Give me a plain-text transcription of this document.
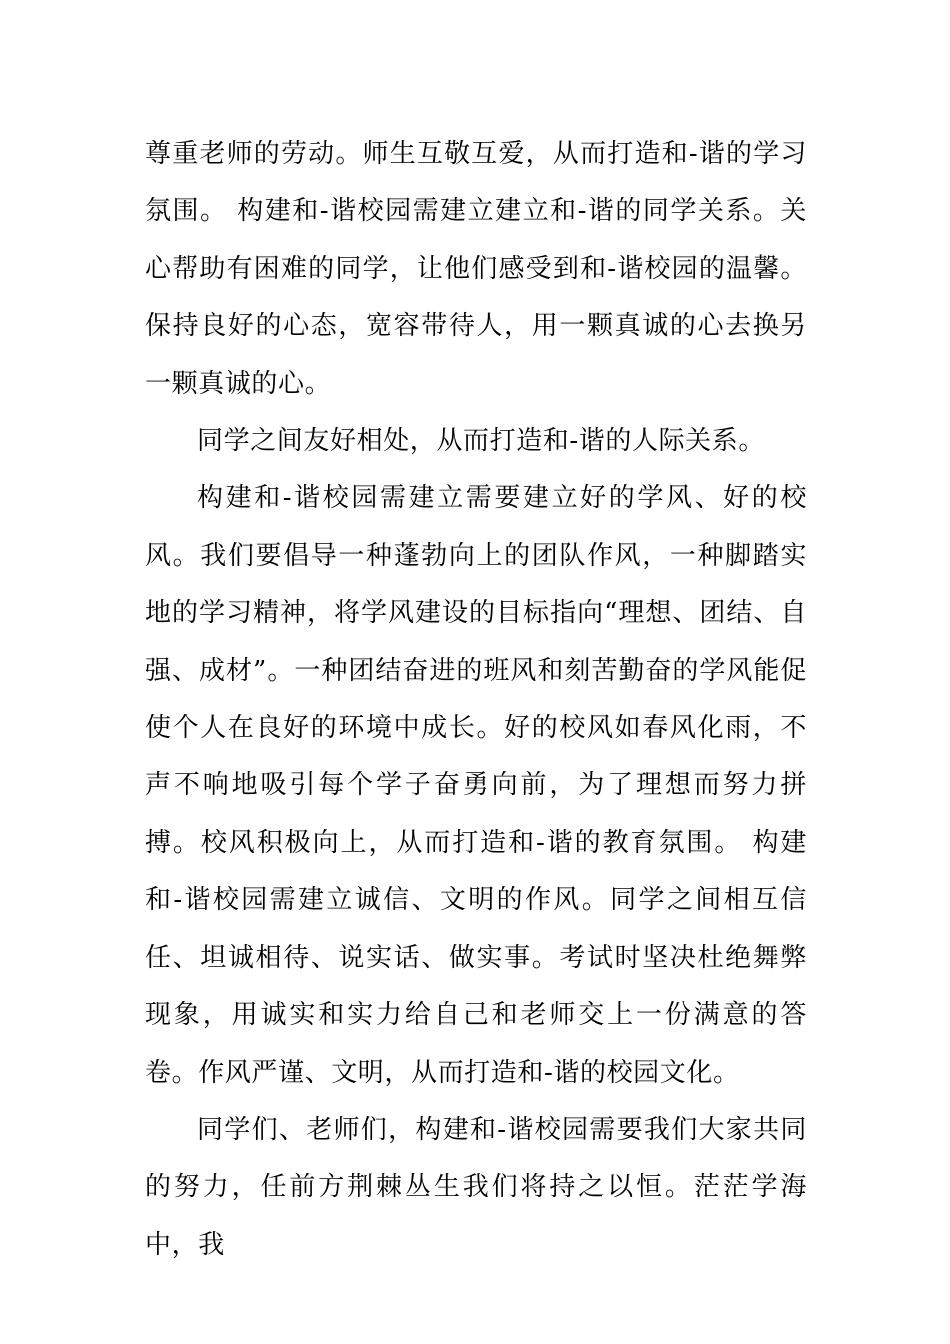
尊重老师的劳动。师生互敬互爱，从而打造和-谐的学习氛围。 构建和-谐校园需建立建立和-谐的同学关系。关心帮助有困难的同学，让他们感受到和-谐校园的温馨。保持良好的心态，宽容带待人，用一颗真诚的心去换另一颗真诚的心。

同学之间友好相处，从而打造和-谐的人际关系。

构建和-谐校园需建立需要建立好的学风、好的校风。我们要倡导一种蓬勃向上的团队作风，一种脚踏实地的学习精神，将学风建设的目标指向“理想、团结、自强、成材”。一种团结奋进的班风和刻苦勤奋的学风能促使个人在良好的环境中成长。好的校风如春风化雨，不声不响地吸引每个学子奋勇向前，为了理想而努力拼搏。校风积极向上，从而打造和-谐的教育氛围。 构建和-谐校园需建立诚信、文明的作风。同学之间相互信任、坦诚相待、说实话、做实事。考试时坚决杜绝舞弊现象，用诚实和实力给自己和老师交上一份满意的答卷。作风严谨、文明，从而打造和-谐的校园文化。

同学们、老师们，构建和-谐校园需要我们大家共同的努力，任前方荆棘丛生我们将持之以恒。茫茫学海中，我
